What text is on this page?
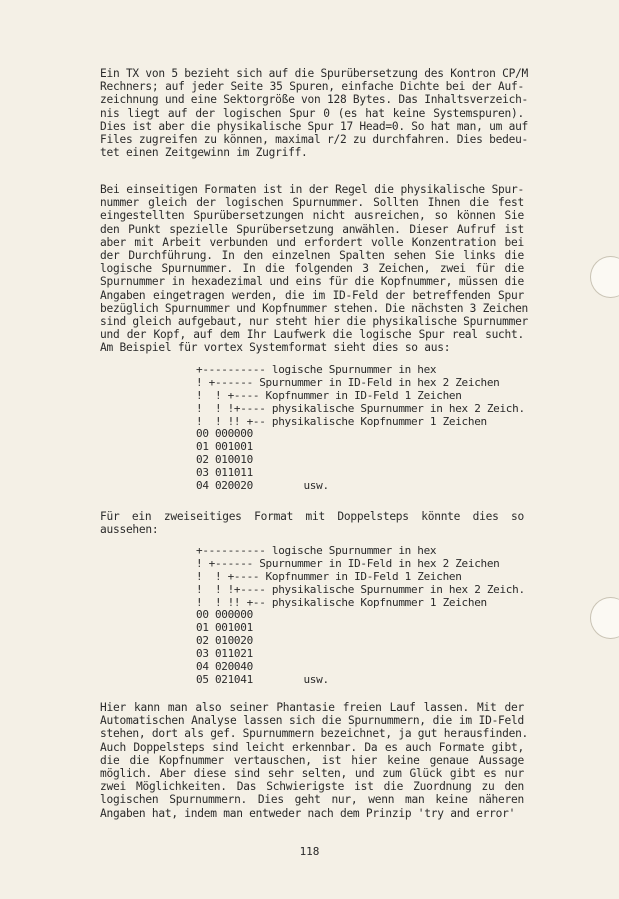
Ein TX von 5 bezieht sich auf die Spurübersetzung des Kontron CP/M
Rechners; auf jeder Seite 35 Spuren, einfache Dichte bei der Auf-
zeichnung und eine Sektorgröße von 128 Bytes. Das Inhaltsverzeich-
nis liegt auf der logischen Spur 0 (es hat keine Systemspuren).
Dies ist aber die physikalische Spur 17 Head=0. So hat man, um auf
Files zugreifen zu können, maximal r/2 zu durchfahren. Dies bedeu-
tet einen Zeitgewinn im Zugriff.
Bei einseitigen Formaten ist in der Regel die physikalische Spur-
nummer gleich der logischen Spurnummer. Sollten Ihnen die fest
eingestellten Spurübersetzungen nicht ausreichen, so können Sie
den Punkt spezielle Spurübersetzung anwählen. Dieser Aufruf ist
aber mit Arbeit verbunden und erfordert volle Konzentration bei
der Durchführung. In den einzelnen Spalten sehen Sie links die
logische Spurnummer. In die folgenden 3 Zeichen, zwei für die
Spurnummer in hexadezimal und eins für die Kopfnummer, müssen die
Angaben eingetragen werden, die im ID-Feld der betreffenden Spur
bezüglich Spurnummer und Kopfnummer stehen. Die nächsten 3 Zeichen
sind gleich aufgebaut, nur steht hier die physikalische Spurnummer
und der Kopf, auf dem Ihr Laufwerk die logische Spur real sucht.
Am Beispiel für vortex Systemformat sieht dies so aus:
+---------- logische Spurnummer in hex
! +------ Spurnummer in ID-Feld in hex 2 Zeichen
!  ! +---- Kopfnummer in ID-Feld 1 Zeichen
!  ! !+---- physikalische Spurnummer in hex 2 Zeich.
!  ! !! +-- physikalische Kopfnummer 1 Zeichen
00 000000
01 001001
02 010010
03 011011
04 020020        usw.
Für ein zweiseitiges Format mit Doppelsteps könnte dies so
aussehen:
+---------- logische Spurnummer in hex
! +------ Spurnummer in ID-Feld in hex 2 Zeichen
!  ! +---- Kopfnummer in ID-Feld 1 Zeichen
!  ! !+---- physikalische Spurnummer in hex 2 Zeich.
!  ! !! +-- physikalische Kopfnummer 1 Zeichen
00 000000
01 001001
02 010020
03 011021
04 020040
05 021041        usw.
Hier kann man also seiner Phantasie freien Lauf lassen. Mit der
Automatischen Analyse lassen sich die Spurnummern, die im ID-Feld
stehen, dort als gef. Spurnummern bezeichnet, ja gut herausfinden.
Auch Doppelsteps sind leicht erkennbar. Da es auch Formate gibt,
die die Kopfnummer vertauschen, ist hier keine genaue Aussage
möglich. Aber diese sind sehr selten, und zum Glück gibt es nur
zwei Möglichkeiten. Das Schwierigste ist die Zuordnung zu den
logischen Spurnummern. Dies geht nur, wenn man keine näheren
Angaben hat, indem man entweder nach dem Prinzip 'try and error'
118
